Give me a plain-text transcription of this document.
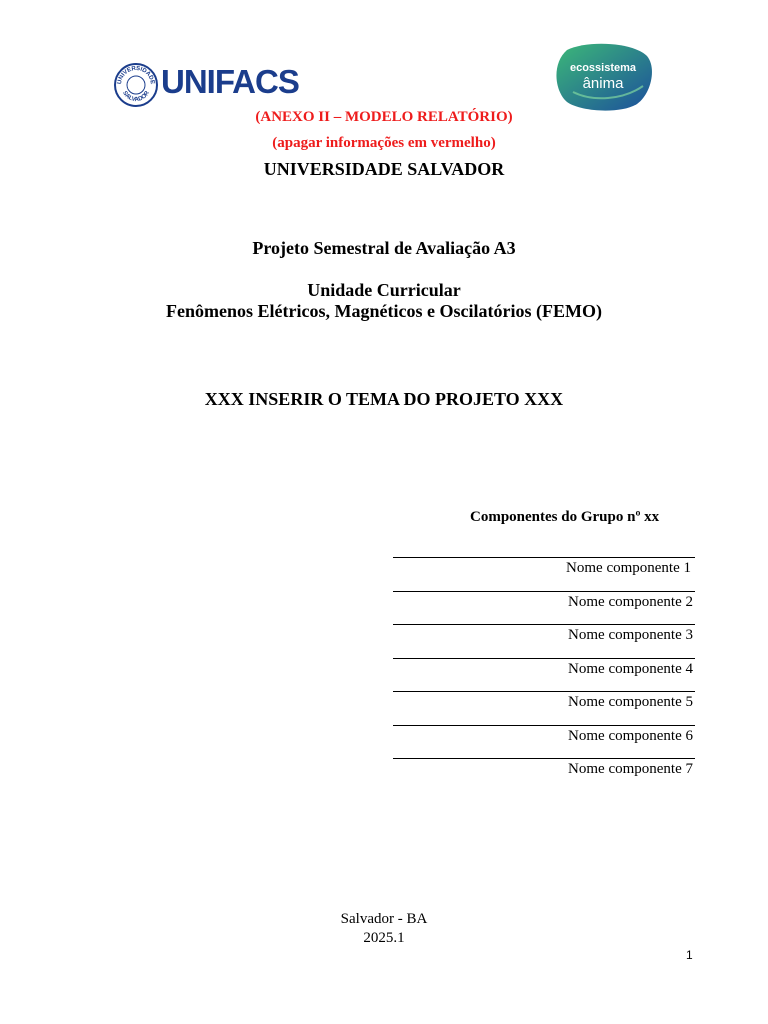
UNIVERSIDADE
SALVADOR UNIFACS	ecossistema
ânima
(ANEXO II – MODELO RELATÓRIO)
(apagar informações em vermelho)
UNIVERSIDADE SALVADOR
Projeto Semestral de Avaliação A3
Unidade Curricular
Fenômenos Elétricos, Magnéticos e Oscilatórios (FEMO)
XXX INSERIR O TEMA DO PROJETO XXX
Componentes do Grupo nº xx
Nome componente 1
Nome componente 2
Nome componente 3
Nome componente 4
Nome componente 5
Nome componente 6
Nome componente 7
Salvador - BA
2025.1
1
